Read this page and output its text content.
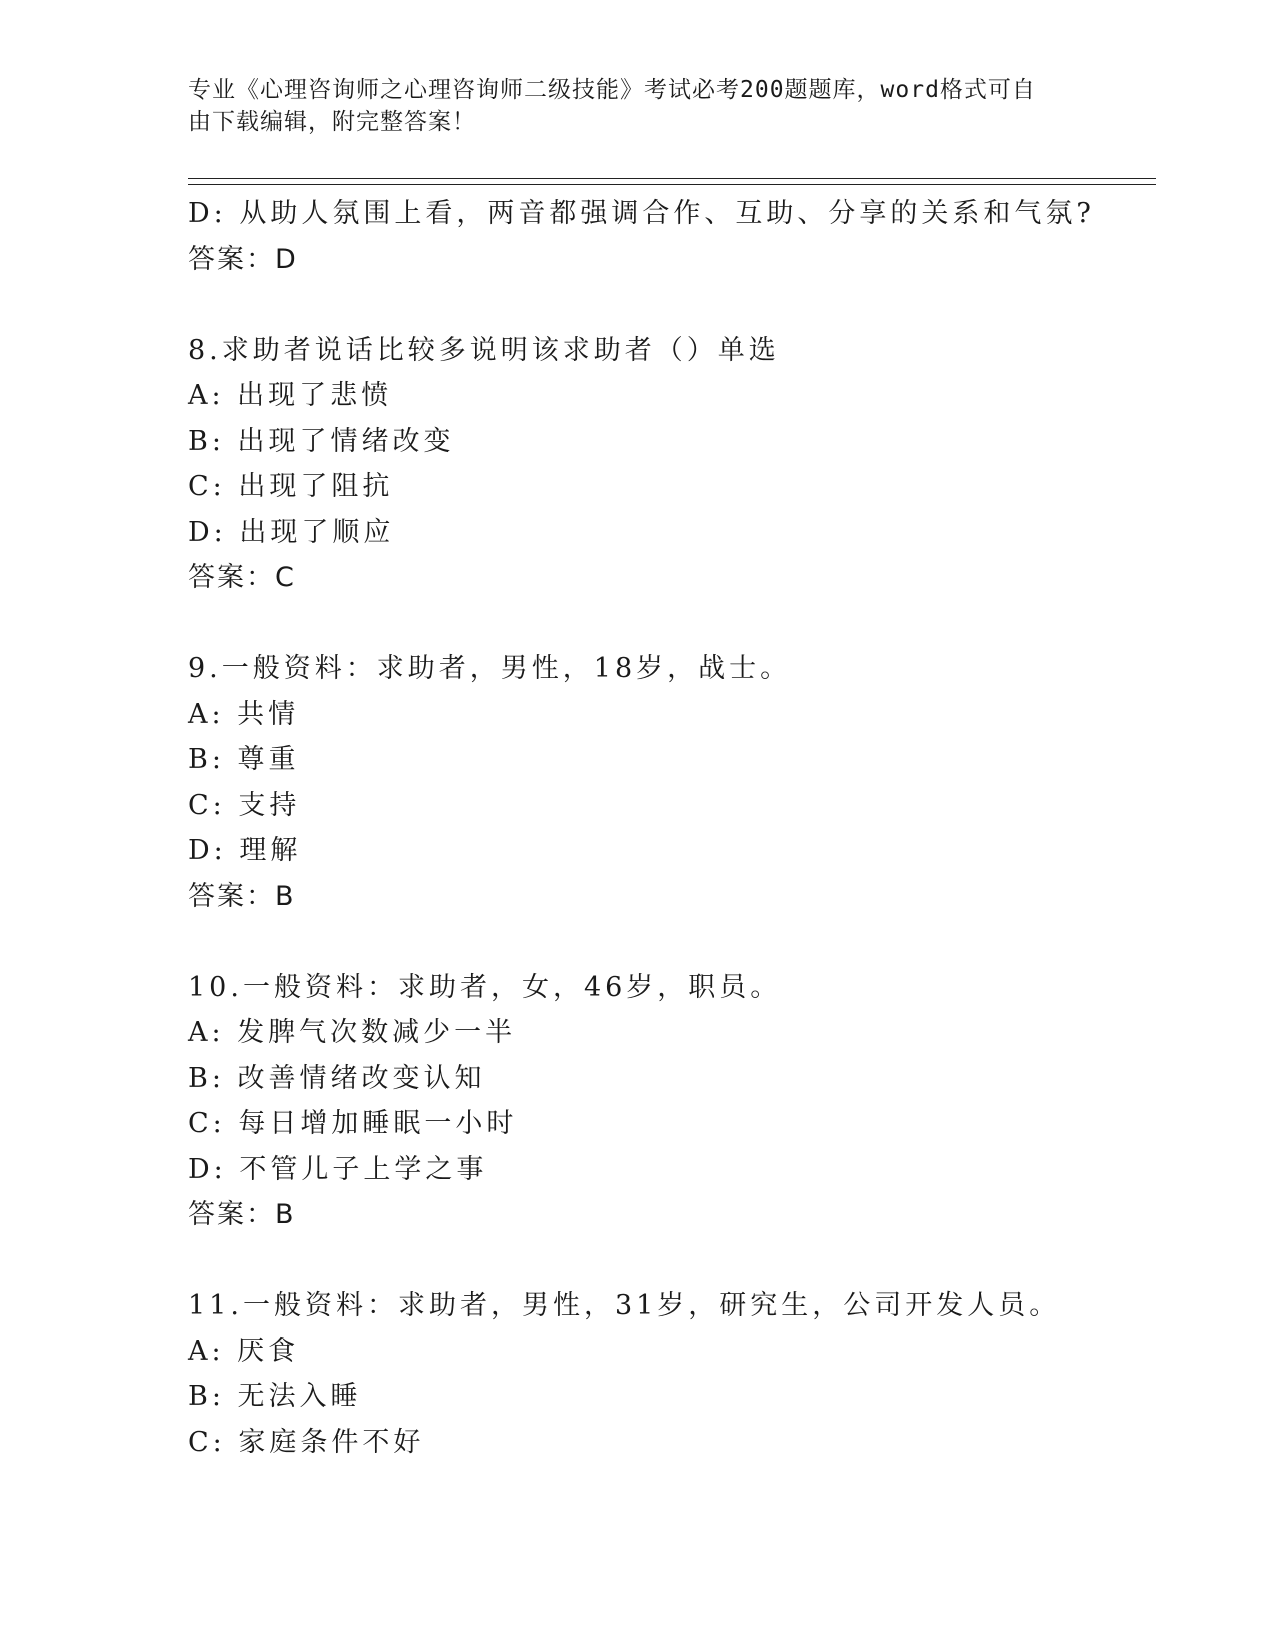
专业《心理咨询师之心理咨询师二级技能》考试必考200题题库，word格式可自
由下载编辑，附完整答案！
D: 从助人氛围上看，两音都强调合作、互助、分享的关系和气氛?
答案：D
8.求助者说话比较多说明该求助者（）单选
A: 出现了悲愤
B: 出现了情绪改变
C: 出现了阻抗
D: 出现了顺应
答案：C
9.一般资料：求助者，男性，18岁，战士。
A: 共情
B: 尊重
C: 支持
D: 理解
答案：B
10.一般资料：求助者，女，46岁，职员。
A: 发脾气次数减少一半
B: 改善情绪改变认知
C: 每日增加睡眠一小时
D: 不管儿子上学之事
答案：B
11.一般资料：求助者，男性，31岁，研究生，公司开发人员。
A: 厌食
B: 无法入睡
C: 家庭条件不好
